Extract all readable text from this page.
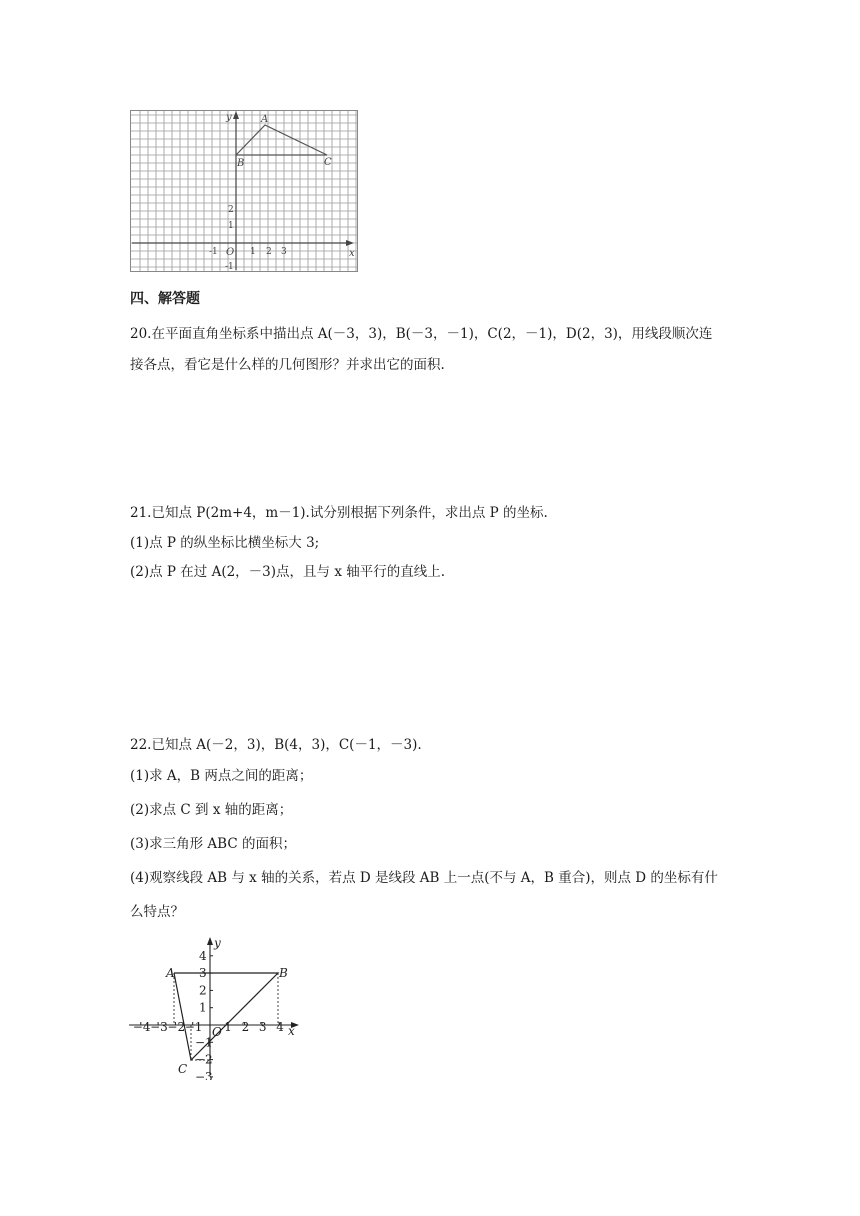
y
x
O
A
B	C
-1	1 2 3
2
1
-1
四、解答题
20.在平面直角坐标系中描出点 A(－3，3)，B(－3，－1)，C(2，－1)，D(2，3)，用线段顺次连
接各点，看它是什么样的几何图形？并求出它的面积.
21.已知点 P(2m+4，m－1).试分别根据下列条件，求出点 P 的坐标.
(1)点 P 的纵坐标比横坐标大 3;
(2)点 P 在过 A(2，－3)点，且与 x 轴平行的直线上.
22.已知点 A(－2，3)，B(4，3)，C(－1，－3).
(1)求 A，B 两点之间的距离；
(2)求点 C 到 x 轴的距离；
(3)求三角形 ABC 的面积；
(4)观察线段 AB 与 x 轴的关系，若点 D 是线段 AB 上一点(不与 A，B 重合)，则点 D 的坐标有什
么特点？
−4 −3 −2 −1 1 2 3 4
4
3
2
1
−1
−2
−3
y
x
O
A	B
C
